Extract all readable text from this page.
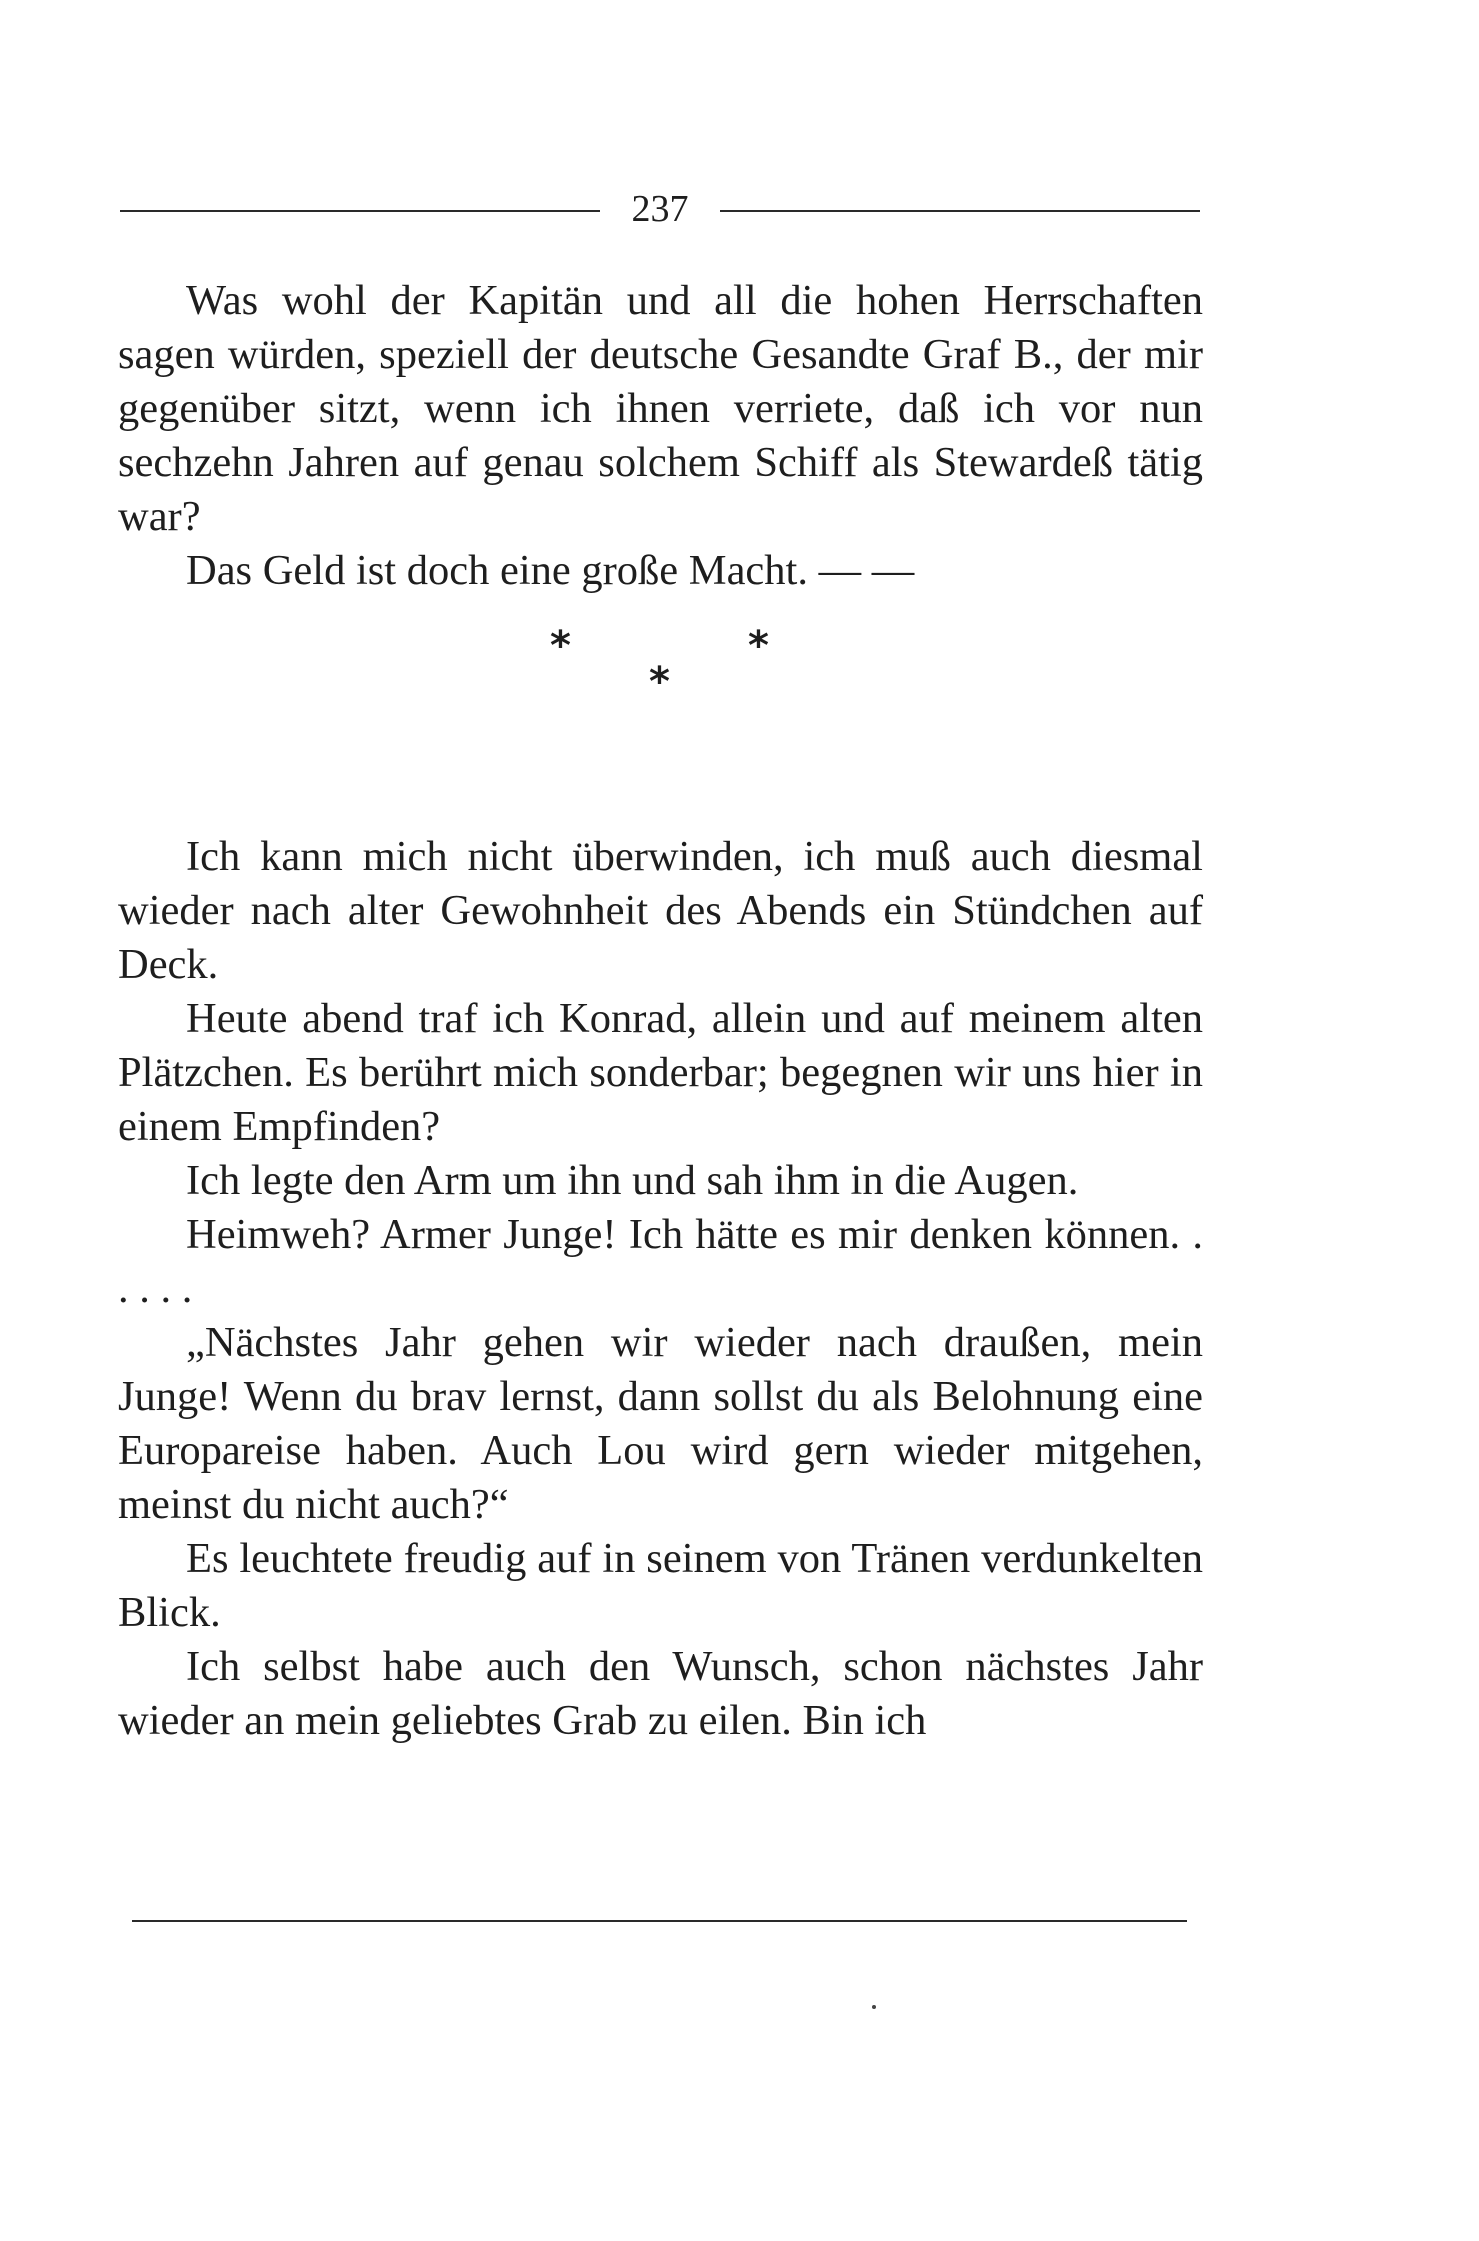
237

Was wohl der Kapitän und all die hohen Herrschaften sagen würden, speziell der deutsche Gesandte Graf B., der mir gegenüber sitzt, wenn ich ihnen verriete, daß ich vor nun sechzehn Jahren auf genau solchem Schiff als Stewardeß tätig war?

Das Geld ist doch eine große Macht. — —

*	*
*

Ich kann mich nicht überwinden, ich muß auch diesmal wieder nach alter Gewohnheit des Abends ein Stündchen auf Deck.

Heute abend traf ich Konrad, allein und auf meinem alten Plätzchen. Es berührt mich sonderbar; begegnen wir uns hier in einem Empfinden?

Ich legte den Arm um ihn und sah ihm in die Augen.

Heimweh? Armer Junge! Ich hätte es mir denken können. . . . . .

„Nächstes Jahr gehen wir wieder nach draußen, mein Junge! Wenn du brav lernst, dann sollst du als Belohnung eine Europareise haben. Auch Lou wird gern wieder mitgehen, meinst du nicht auch?“

Es leuchtete freudig auf in seinem von Tränen verdunkelten Blick.

Ich selbst habe auch den Wunsch, schon nächstes Jahr wieder an mein geliebtes Grab zu eilen. Bin ich
